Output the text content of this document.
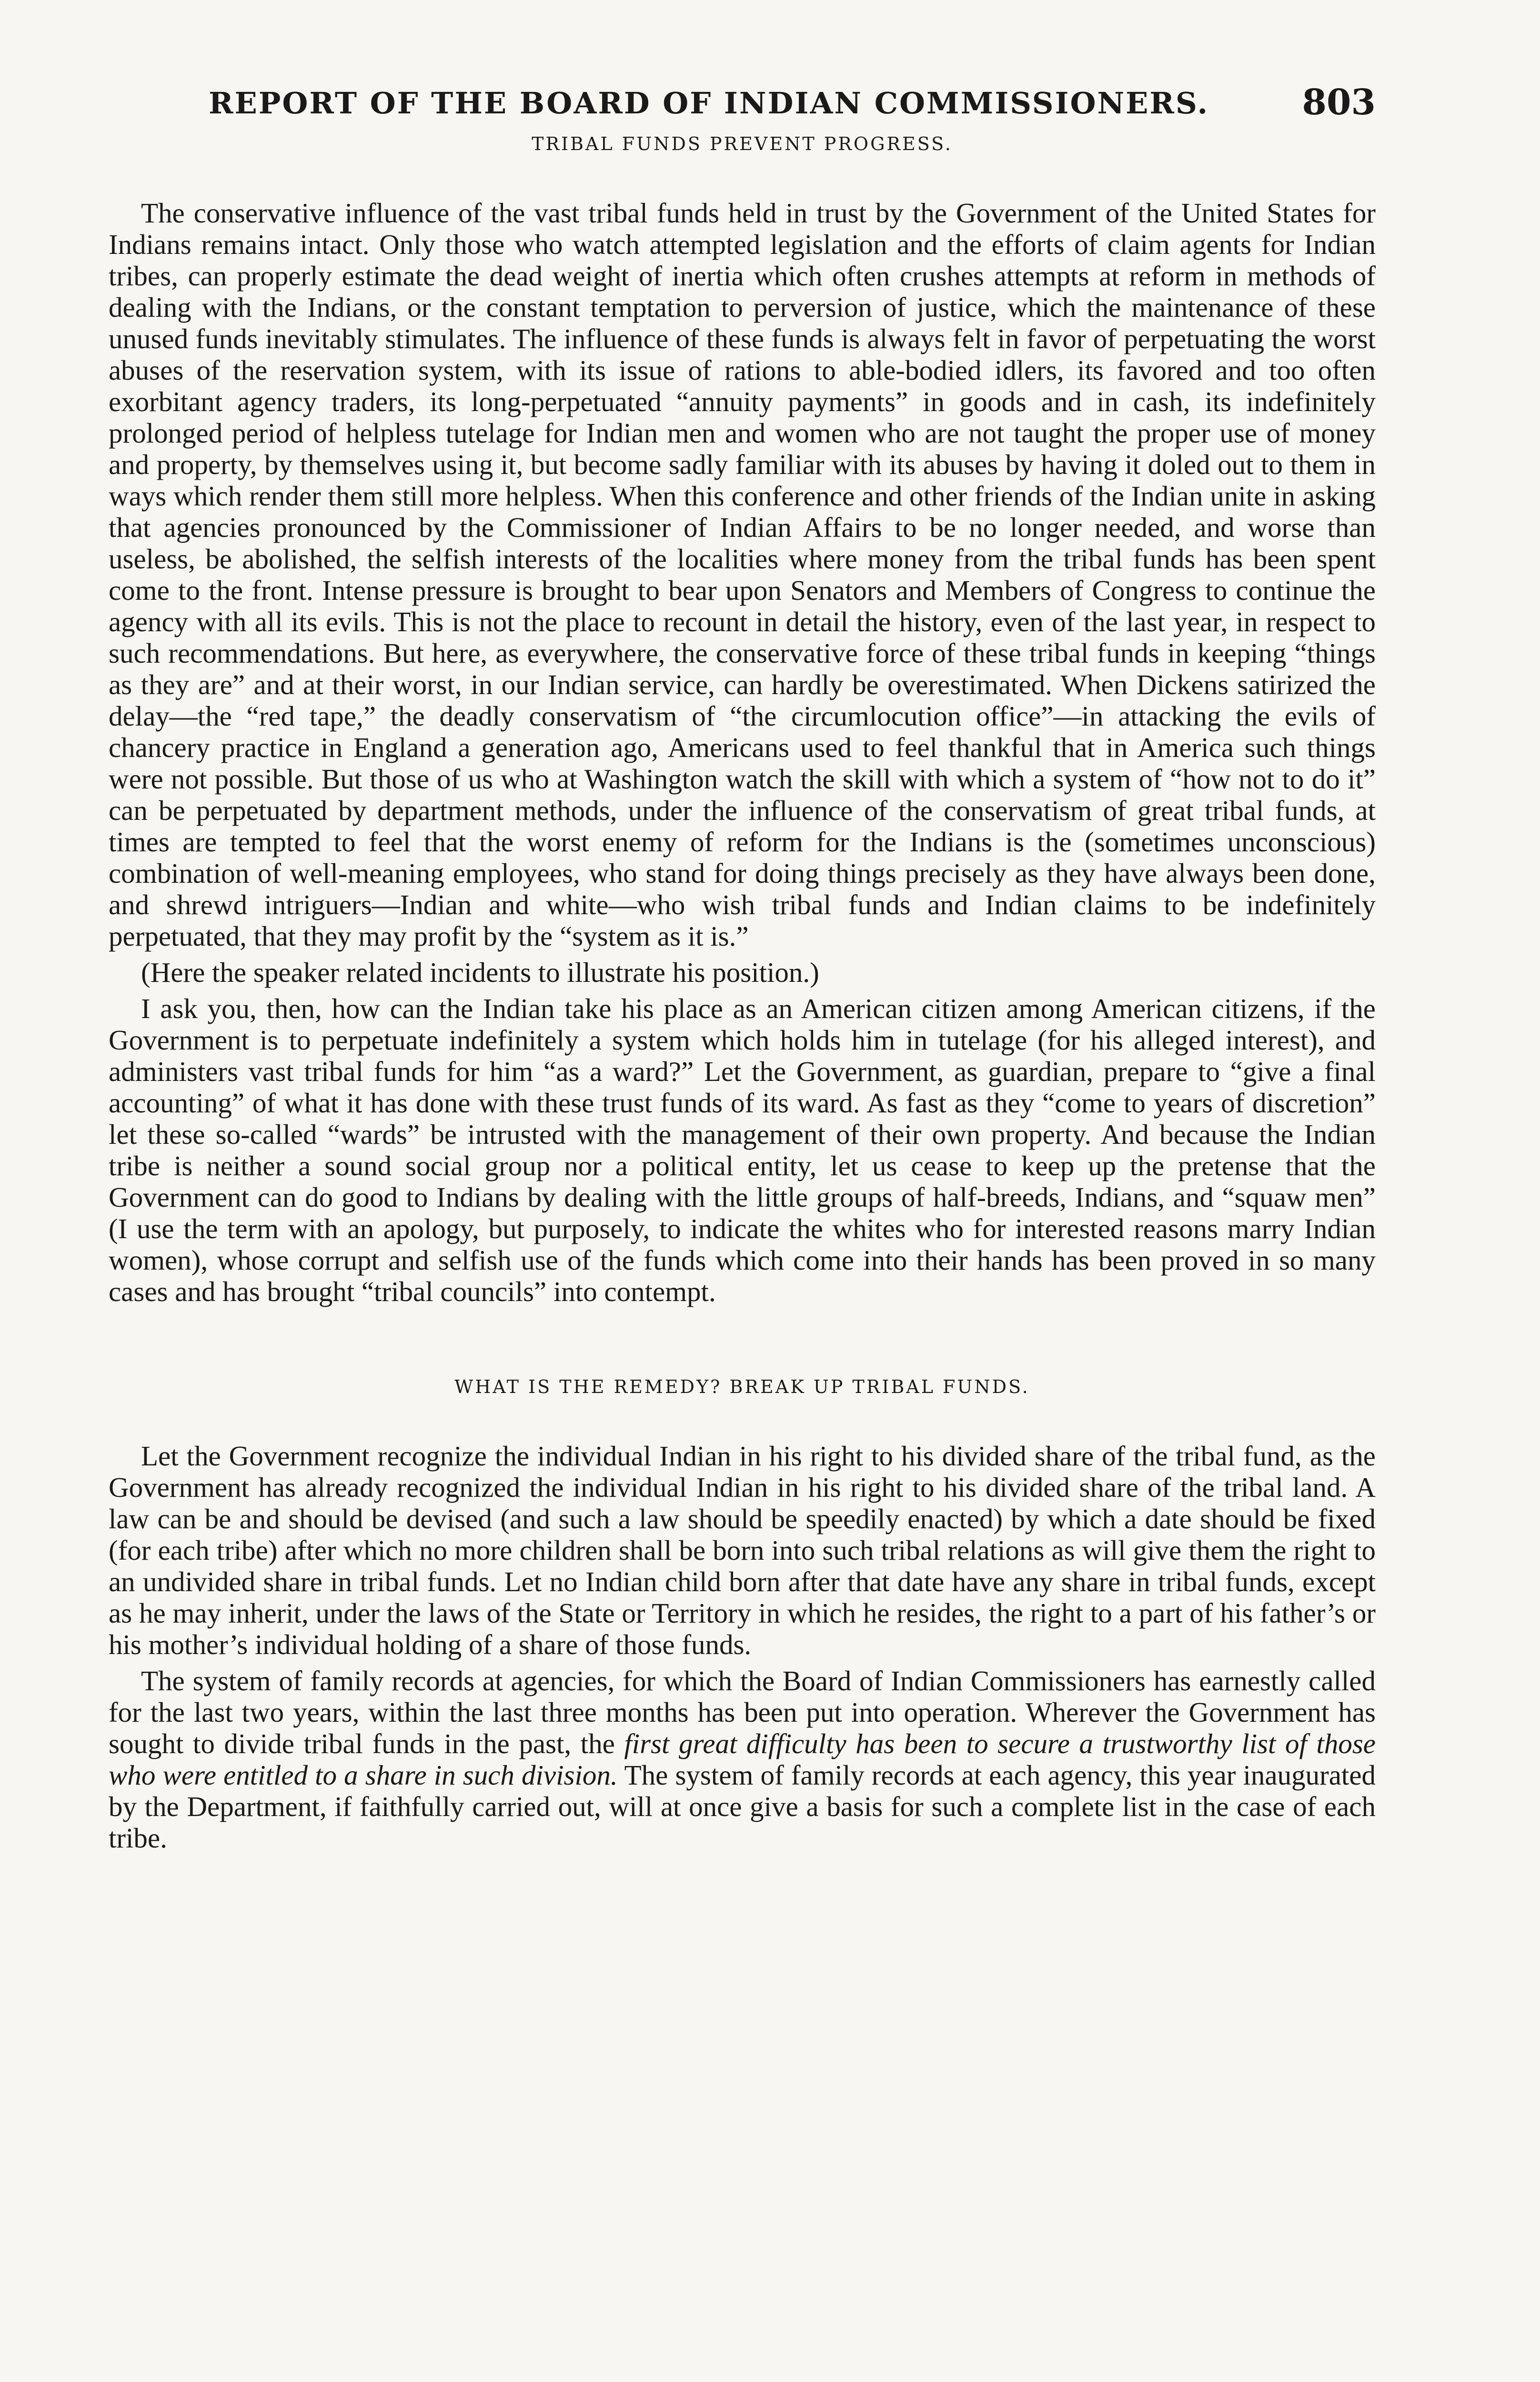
REPORT OF THE BOARD OF INDIAN COMMISSIONERS.	803
TRIBAL FUNDS PREVENT PROGRESS.

The conservative influence of the vast tribal funds held in trust by the Government of the United States for Indians remains intact. Only those who watch attempted legislation and the efforts of claim agents for Indian tribes, can properly estimate the dead weight of inertia which often crushes attempts at reform in methods of dealing with the Indians, or the constant temptation to perversion of justice, which the maintenance of these unused funds inevitably stimulates. The influence of these funds is always felt in favor of perpetuating the worst abuses of the reservation system, with its issue of rations to able-bodied idlers, its favored and too often exorbitant agency traders, its long-perpetuated “annuity payments” in goods and in cash, its indefinitely prolonged period of helpless tutelage for Indian men and women who are not taught the proper use of money and property, by themselves using it, but become sadly familiar with its abuses by having it doled out to them in ways which render them still more helpless. When this conference and other friends of the Indian unite in asking that agencies pronounced by the Commissioner of Indian Affairs to be no longer needed, and worse than useless, be abolished, the selfish interests of the localities where money from the tribal funds has been spent come to the front. Intense pressure is brought to bear upon Senators and Members of Congress to continue the agency with all its evils. This is not the place to recount in detail the history, even of the last year, in respect to such recommendations. But here, as everywhere, the conservative force of these tribal funds in keeping “things as they are” and at their worst, in our Indian service, can hardly be overestimated. When Dickens satirized the delay—the “red tape,” the deadly conservatism of “the circumlocution office”—in attacking the evils of chancery practice in England a generation ago, Americans used to feel thankful that in America such things were not possible. But those of us who at Washington watch the skill with which a system of “how not to do it” can be perpetuated by department methods, under the influence of the conservatism of great tribal funds, at times are tempted to feel that the worst enemy of reform for the Indians is the (sometimes unconscious) combination of well-meaning employees, who stand for doing things precisely as they have always been done, and shrewd intriguers—Indian and white—who wish tribal funds and Indian claims to be indefinitely perpetuated, that they may profit by the “system as it is.”

(Here the speaker related incidents to illustrate his position.)

I ask you, then, how can the Indian take his place as an American citizen among American citizens, if the Government is to perpetuate indefinitely a system which holds him in tutelage (for his alleged interest), and administers vast tribal funds for him “as a ward?” Let the Government, as guardian, prepare to “give a final accounting” of what it has done with these trust funds of its ward. As fast as they “come to years of discretion” let these so-called “wards” be intrusted with the management of their own property. And because the Indian tribe is neither a sound social group nor a political entity, let us cease to keep up the pretense that the Government can do good to Indians by dealing with the little groups of half-breeds, Indians, and “squaw men” (I use the term with an apology, but purposely, to indicate the whites who for interested reasons marry Indian women), whose corrupt and selfish use of the funds which come into their hands has been proved in so many cases and has brought “tribal councils” into contempt.

WHAT IS THE REMEDY? BREAK UP TRIBAL FUNDS.

Let the Government recognize the individual Indian in his right to his divided share of the tribal fund, as the Government has already recognized the individual Indian in his right to his divided share of the tribal land. A law can be and should be devised (and such a law should be speedily enacted) by which a date should be fixed (for each tribe) after which no more children shall be born into such tribal relations as will give them the right to an undivided share in tribal funds. Let no Indian child born after that date have any share in tribal funds, except as he may inherit, under the laws of the State or Territory in which he resides, the right to a part of his father’s or his mother’s individual holding of a share of those funds.

The system of family records at agencies, for which the Board of Indian Commissioners has earnestly called for the last two years, within the last three months has been put into operation. Wherever the Government has sought to divide tribal funds in the past, the first great difficulty has been to secure a trustworthy list of those who were entitled to a share in such division. The system of family records at each agency, this year inaugurated by the Department, if faithfully carried out, will at once give a basis for such a complete list in the case of each tribe.
